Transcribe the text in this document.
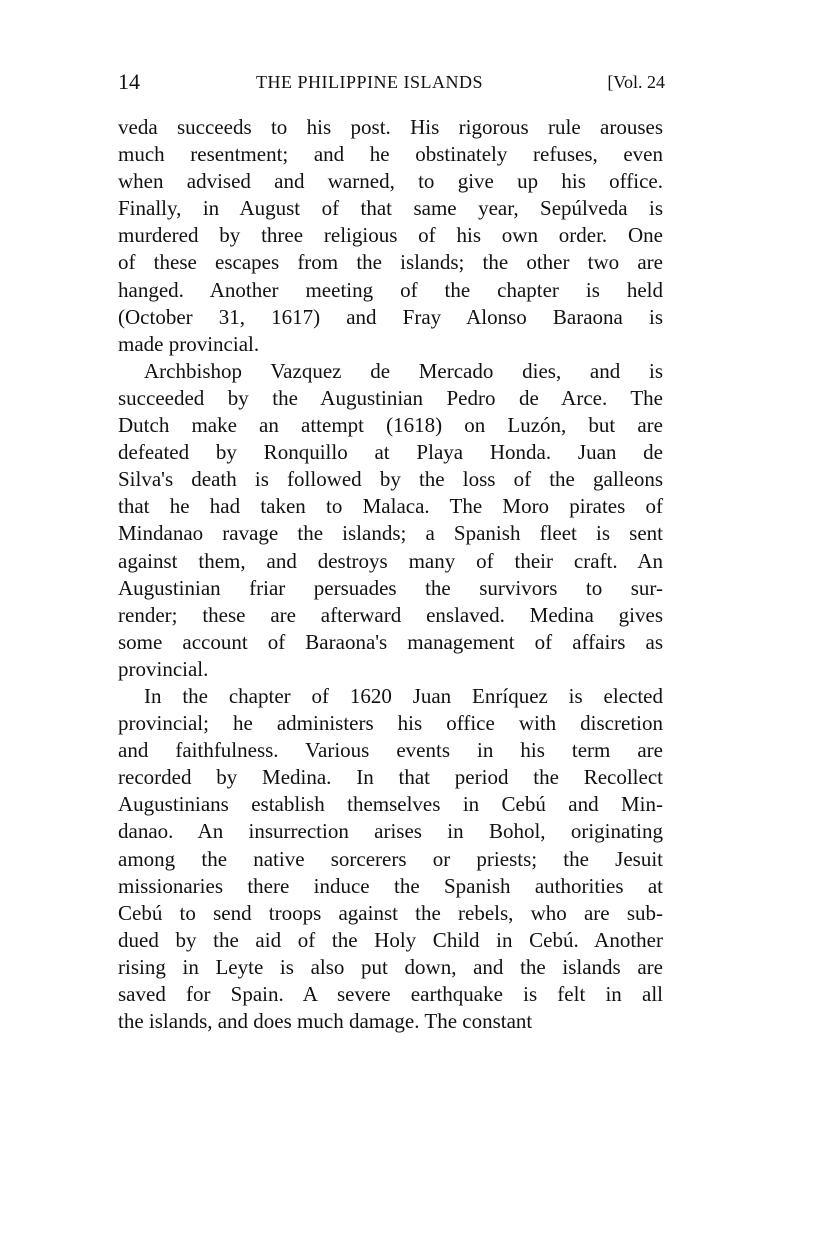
14	THE PHILIPPINE ISLANDS	[Vol. 24
veda succeeds to his post. His rigorous rule arouses
much resentment; and he obstinately refuses, even
when advised and warned, to give up his office.
Finally, in August of that same year, Sepúlveda is
murdered by three religious of his own order. One
of these escapes from the islands; the other two are
hanged. Another meeting of the chapter is held
(October 31, 1617) and Fray Alonso Baraona is
made provincial.
Archbishop Vazquez de Mercado dies, and is
succeeded by the Augustinian Pedro de Arce. The
Dutch make an attempt (1618) on Luzón, but are
defeated by Ronquillo at Playa Honda. Juan de
Silva's death is followed by the loss of the galleons
that he had taken to Malaca. The Moro pirates of
Mindanao ravage the islands; a Spanish fleet is sent
against them, and destroys many of their craft. An
Augustinian friar persuades the survivors to sur-
render; these are afterward enslaved. Medina gives
some account of Baraona's management of affairs as
provincial.
In the chapter of 1620 Juan Enríquez is elected
provincial; he administers his office with discretion
and faithfulness. Various events in his term are
recorded by Medina. In that period the Recollect
Augustinians establish themselves in Cebú and Min-
danao. An insurrection arises in Bohol, originating
among the native sorcerers or priests; the Jesuit
missionaries there induce the Spanish authorities at
Cebú to send troops against the rebels, who are sub-
dued by the aid of the Holy Child in Cebú. Another
rising in Leyte is also put down, and the islands are
saved for Spain. A severe earthquake is felt in all
the islands, and does much damage. The constant
